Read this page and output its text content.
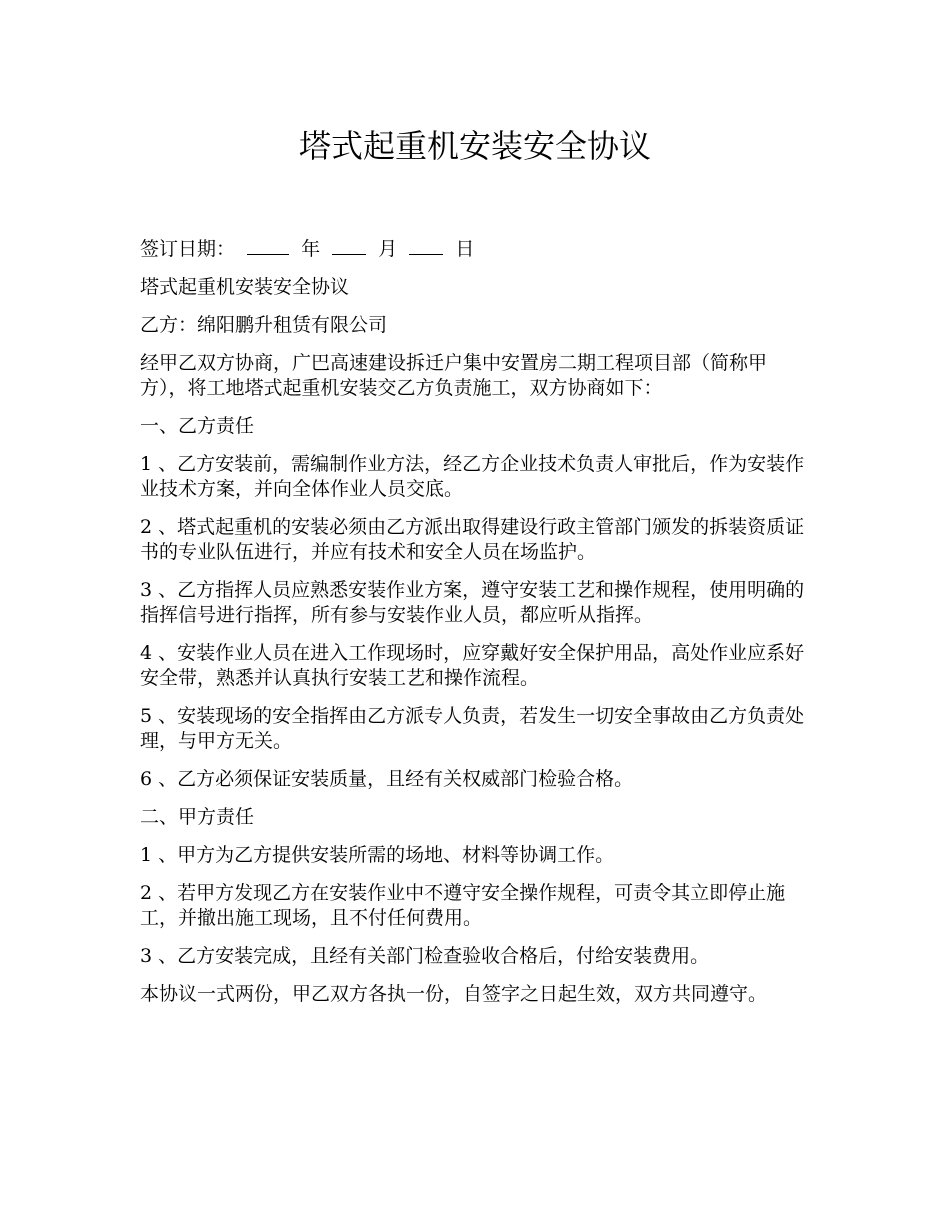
塔式起重机安装安全协议

签订日期：	年	月	日

塔式起重机安装安全协议

乙方：绵阳鹏升租赁有限公司

经甲乙双方协商，广巴高速建设拆迁户集中安置房二期工程项目部（简称甲方），将工地塔式起重机安装交乙方负责施工，双方协商如下：

一、乙方责任

1 、乙方安装前，需编制作业方法，经乙方企业技术负责人审批后，作为安装作业技术方案，并向全体作业人员交底。

2 、塔式起重机的安装必须由乙方派出取得建设行政主管部门颁发的拆装资质证书的专业队伍进行，并应有技术和安全人员在场监护。

3 、乙方指挥人员应熟悉安装作业方案，遵守安装工艺和操作规程，使用明确的指挥信号进行指挥，所有参与安装作业人员，都应听从指挥。

4 、安装作业人员在进入工作现场时，应穿戴好安全保护用品，高处作业应系好安全带，熟悉并认真执行安装工艺和操作流程。

5 、安装现场的安全指挥由乙方派专人负责，若发生一切安全事故由乙方负责处理，与甲方无关。

6 、乙方必须保证安装质量，且经有关权威部门检验合格。

二、甲方责任

1 、甲方为乙方提供安装所需的场地、材料等协调工作。

2 、若甲方发现乙方在安装作业中不遵守安全操作规程，可责令其立即停止施工，并撤出施工现场，且不付任何费用。

3 、乙方安装完成，且经有关部门检查验收合格后，付给安装费用。

本协议一式两份，甲乙双方各执一份，自签字之日起生效，双方共同遵守。
